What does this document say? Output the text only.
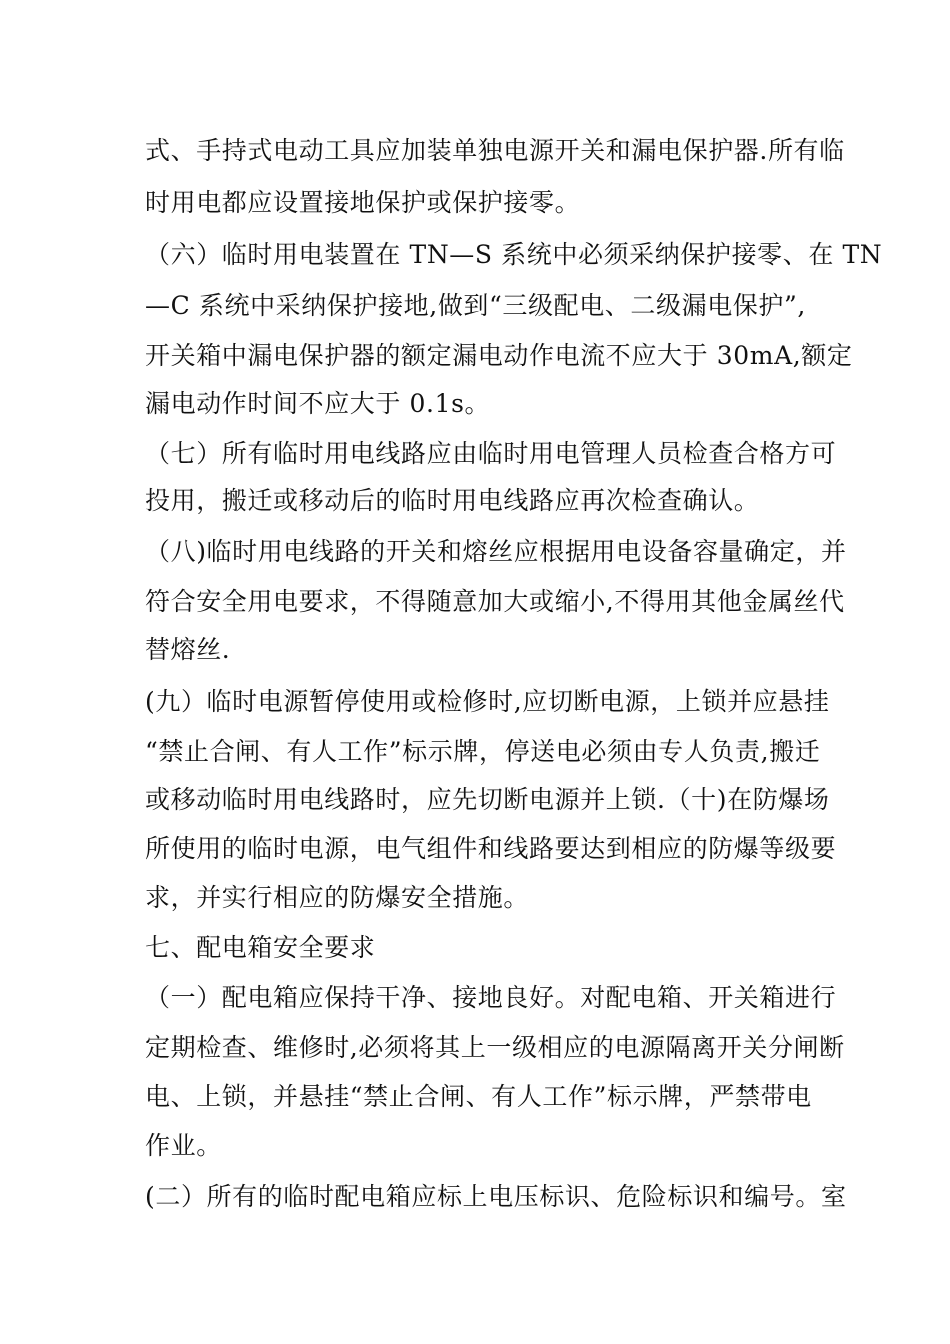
式、手持式电动工具应加装单独电源开关和漏电保护器.所有临
时用电都应设置接地保护或保护接零。
（六）临时用电装置在 TN—S 系统中必须采纳保护接零、在 TN
—C 系统中采纳保护接地,做到“三级配电、二级漏电保护”,
开关箱中漏电保护器的额定漏电动作电流不应大于 30mA,额定
漏电动作时间不应大于 0.1s。
（七）所有临时用电线路应由临时用电管理人员检查合格方可
投用，搬迁或移动后的临时用电线路应再次检查确认。
（八)临时用电线路的开关和熔丝应根据用电设备容量确定，并
符合安全用电要求，不得随意加大或缩小,不得用其他金属丝代
替熔丝.
(九）临时电源暂停使用或检修时,应切断电源，上锁并应悬挂
“禁止合闸、有人工作”标示牌，停送电必须由专人负责,搬迁
或移动临时用电线路时，应先切断电源并上锁.（十)在防爆场
所使用的临时电源，电气组件和线路要达到相应的防爆等级要
求，并实行相应的防爆安全措施。
七、配电箱安全要求
（一）配电箱应保持干净、接地良好。对配电箱、开关箱进行
定期检查、维修时,必须将其上一级相应的电源隔离开关分闸断
电、上锁，并悬挂“禁止合闸、有人工作”标示牌，严禁带电
作业。
(二）所有的临时配电箱应标上电压标识、危险标识和编号。室
